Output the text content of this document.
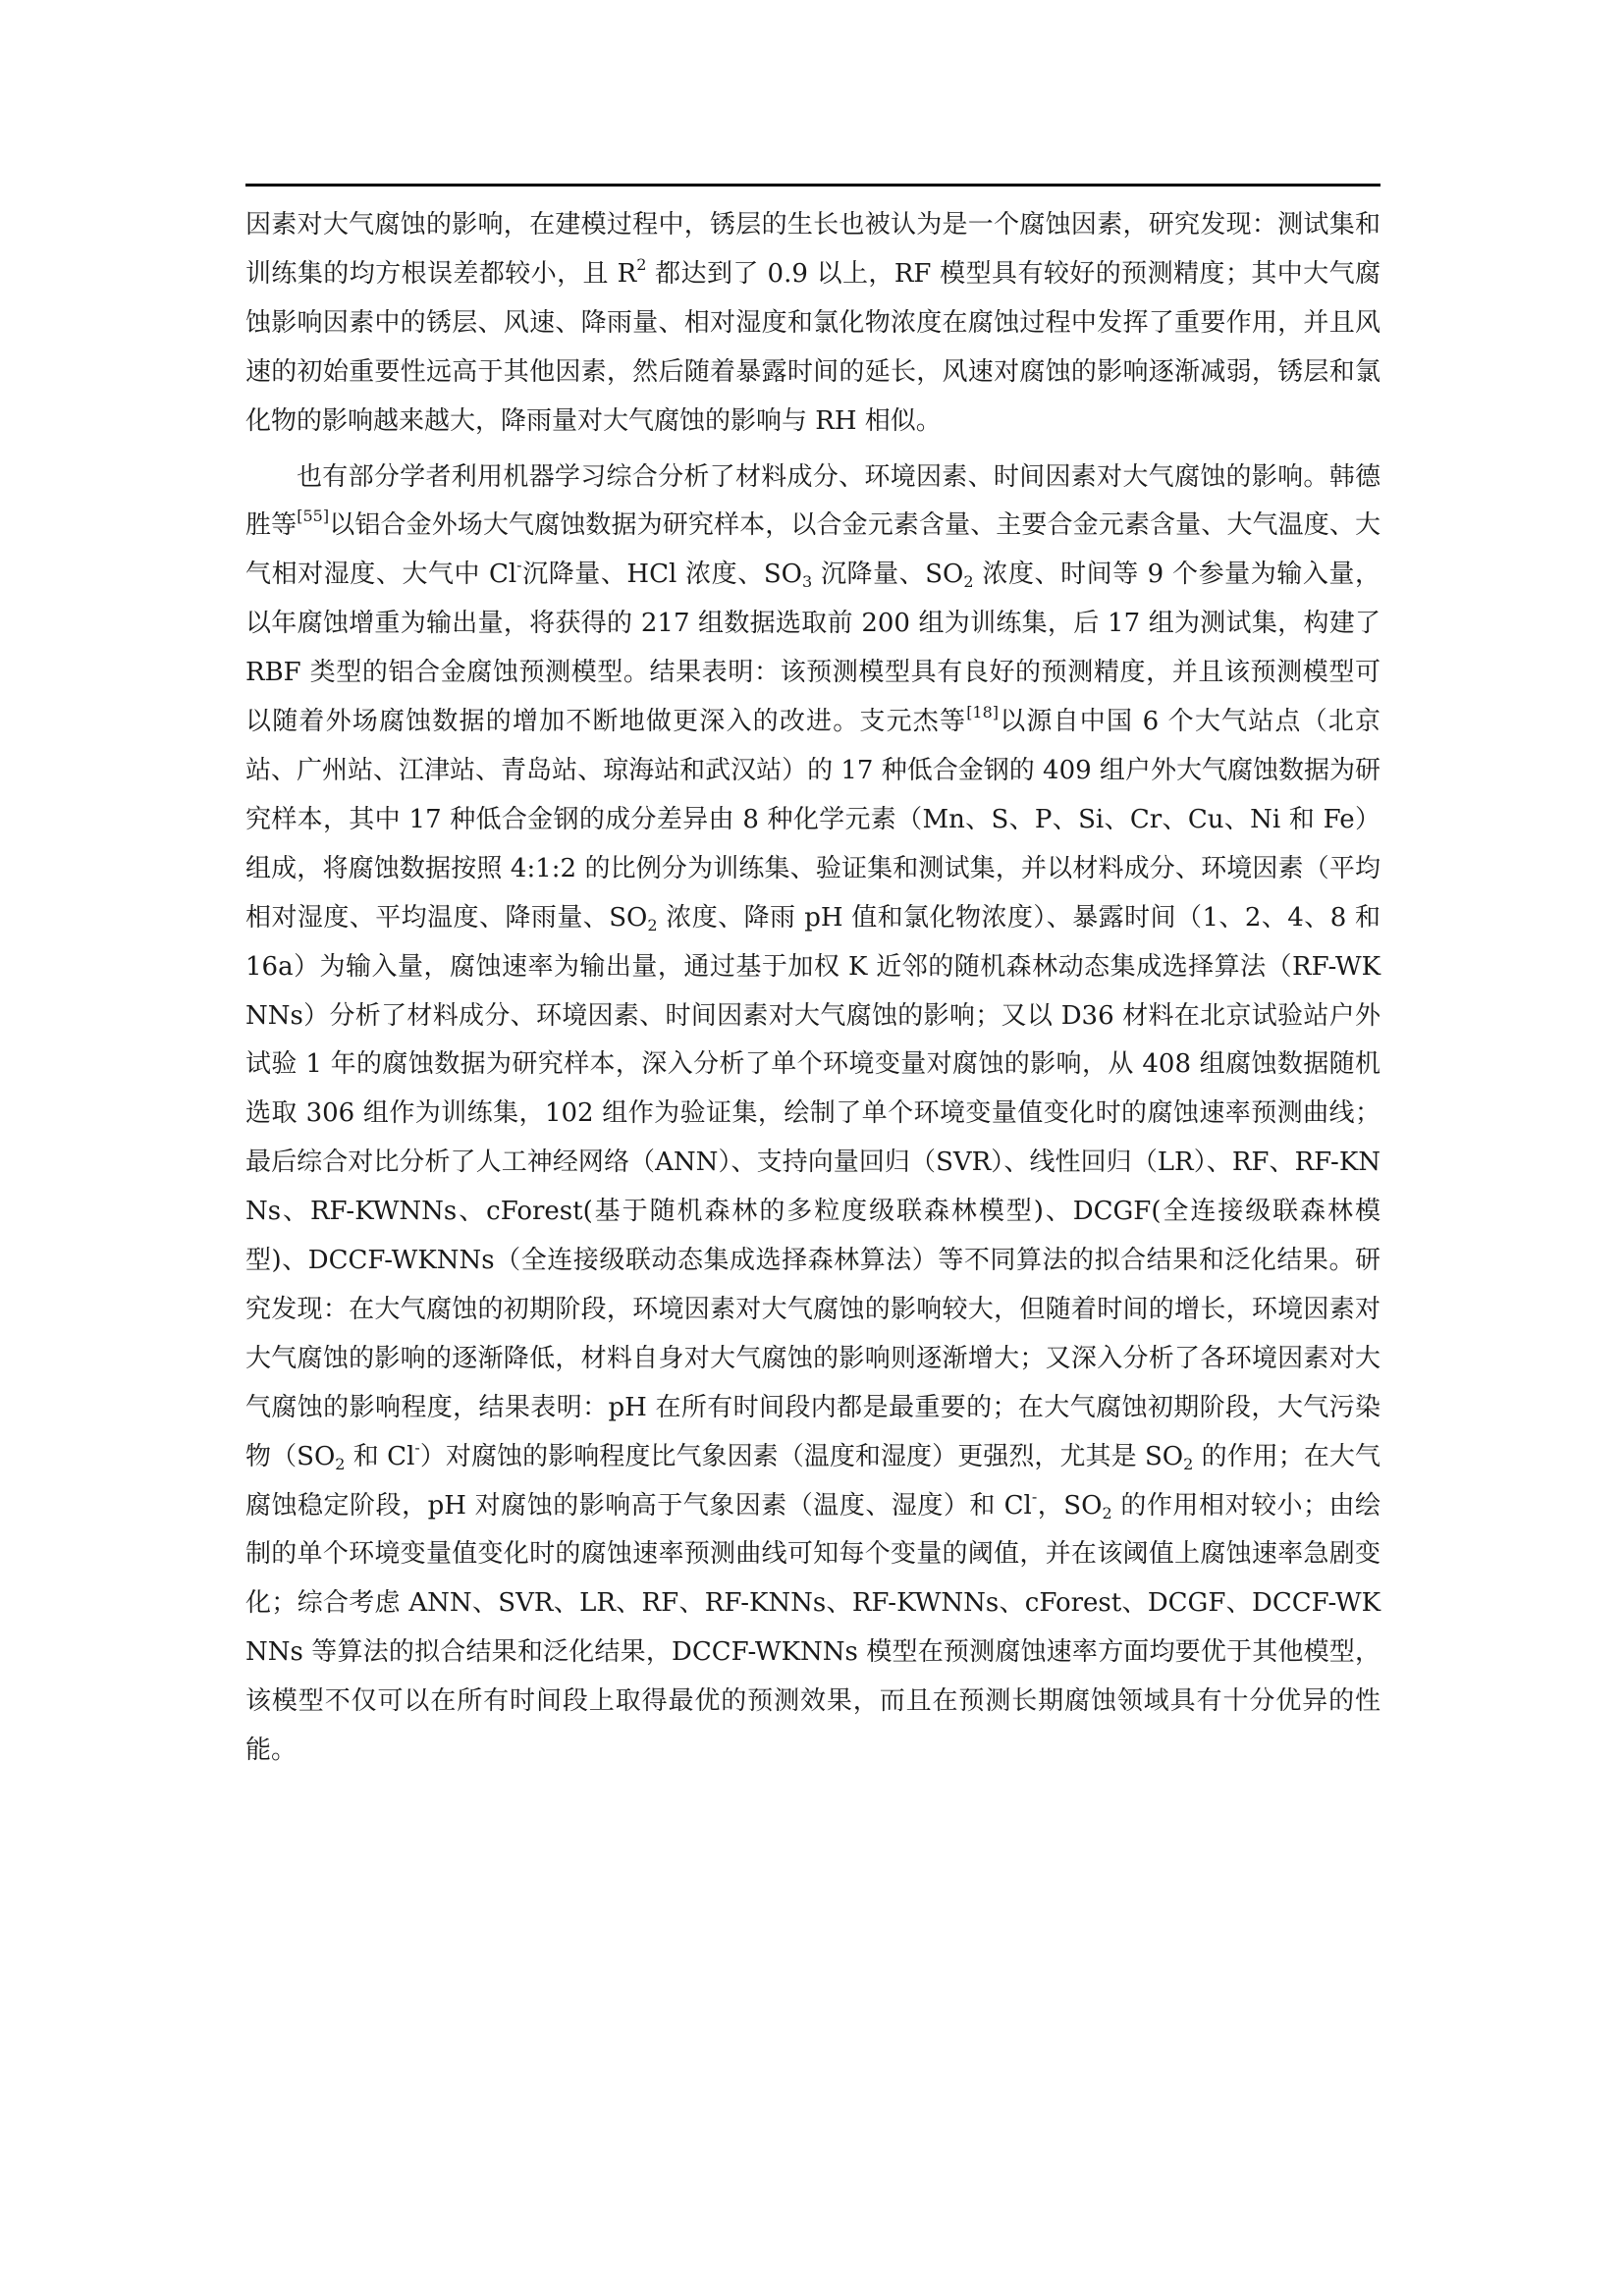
因素对大气腐蚀的影响，在建模过程中，锈层的生长也被认为是一个腐蚀因素，研究发现：测试集和训练集的均方根误差都较小，且 $R^2$ 都达到了 0.9 以上，RF 模型具有较好的预测精度；其中大气腐蚀影响因素中的锈层、风速、降雨量、相对湿度和氯化物浓度在腐蚀过程中发挥了重要作用，并且风速的初始重要性远高于其他因素，然后随着暴露时间的延长，风速对腐蚀的影响逐渐减弱，锈层和氯化物的影响越来越大，降雨量对大气腐蚀的影响与 RH 相似。

也有部分学者利用机器学习综合分析了材料成分、环境因素、时间因素对大气腐蚀的影响。韩德胜等[55]以铝合金外场大气腐蚀数据为研究样本，以合金元素含量、主要合金元素含量、大气温度、大气相对湿度、大气中 Cl-沉降量、HCl 浓度、$SO_3$ 沉降量、$SO_2$ 浓度、时间等 9 个参量为输入量，以年腐蚀增重为输出量，将获得的 217 组数据选取前 200 组为训练集，后 17 组为测试集，构建了 RBF 类型的铝合金腐蚀预测模型。结果表明：该预测模型具有良好的预测精度，并且该预测模型可以随着外场腐蚀数据的增加不断地做更深入的改进。支元杰等[18]以源自中国 6 个大气站点（北京站、广州站、江津站、青岛站、琼海站和武汉站）的 17 种低合金钢的 409 组户外大气腐蚀数据为研究样本，其中 17 种低合金钢的成分差异由 8 种化学元素（Mn、S、P、Si、Cr、Cu、Ni 和 Fe）组成，将腐蚀数据按照 4:1:2 的比例分为训练集、验证集和测试集，并以材料成分、环境因素（平均相对湿度、平均温度、降雨量、$SO_2$ 浓度、降雨 pH 值和氯化物浓度）、暴露时间（1、2、4、8 和 16a）为输入量，腐蚀速率为输出量，通过基于加权 K 近邻的随机森林动态集成选择算法（RF-WKNNs）分析了材料成分、环境因素、时间因素对大气腐蚀的影响；又以 D36 材料在北京试验站户外试验 1 年的腐蚀数据为研究样本，深入分析了单个环境变量对腐蚀的影响，从 408 组腐蚀数据随机选取 306 组作为训练集，102 组作为验证集，绘制了单个环境变量值变化时的腐蚀速率预测曲线；最后综合对比分析了人工神经网络（ANN）、支持向量回归（SVR）、线性回归（LR）、RF、RF-KNNs、RF-KWNNs、cForest(基于随机森林的多粒度级联森林模型)、DCGF(全连接级联森林模型)、DCCF-WKNNs（全连接级联动态集成选择森林算法）等不同算法的拟合结果和泛化结果。研究发现：在大气腐蚀的初期阶段，环境因素对大气腐蚀的影响较大，但随着时间的增长，环境因素对大气腐蚀的影响的逐渐降低，材料自身对大气腐蚀的影响则逐渐增大；又深入分析了各环境因素对大气腐蚀的影响程度，结果表明：pH 在所有时间段内都是最重要的；在大气腐蚀初期阶段，大气污染物（$SO_2$ 和 Cl-）对腐蚀的影响程度比气象因素（温度和湿度）更强烈，尤其是 $SO_2$ 的作用；在大气腐蚀稳定阶段，pH 对腐蚀的影响高于气象因素（温度、湿度）和 Cl-，$SO_2$ 的作用相对较小；由绘制的单个环境变量值变化时的腐蚀速率预测曲线可知每个变量的阈值，并在该阈值上腐蚀速率急剧变化；综合考虑 ANN、SVR、LR、RF、RF-KNNs、RF-KWNNs、cForest、DCGF、DCCF-WKNNs 等算法的拟合结果和泛化结果，DCCF-WKNNs 模型在预测腐蚀速率方面均要优于其他模型，该模型不仅可以在所有时间段上取得最优的预测效果，而且在预测长期腐蚀领域具有十分优异的性能。
